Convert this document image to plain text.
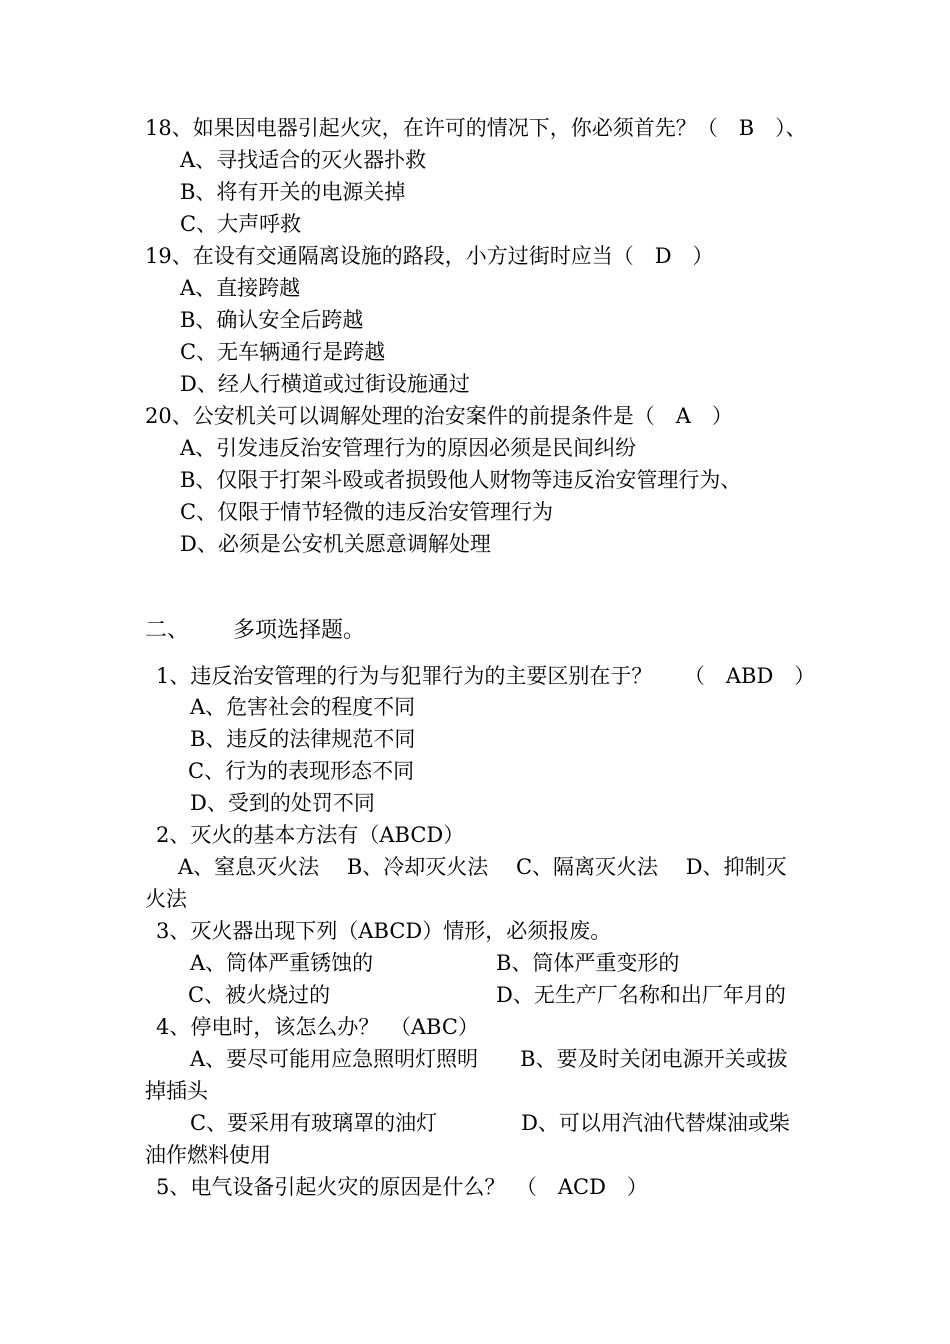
18、如果因电器引起火灾，在许可的情况下，你必须首先？（　B　）、
A、寻找适合的灭火器扑救
B、将有开关的电源关掉
C、大声呼救
19、在设有交通隔离设施的路段，小方过街时应当（　D　）
A、直接跨越
B、确认安全后跨越
C、无车辆通行是跨越
D、经人行横道或过街设施通过
20、公安机关可以调解处理的治安案件的前提条件是（　A　）
A、引发违反治安管理行为的原因必须是民间纠纷
B、仅限于打架斗殴或者损毁他人财物等违反治安管理行为、
C、仅限于情节轻微的违反治安管理行为
D、必须是公安机关愿意调解处理
二、 多项选择题。
1、违反治安管理的行为与犯罪行为的主要区别在于？　　（　ABD　）
A、危害社会的程度不同
B、违反的法律规范不同
C、行为的表现形态不同
D、受到的处罚不同
2、灭火的基本方法有（ABCD）
A、窒息灭火法　 B、冷却灭火法　 C、隔离灭火法　 D、抑制灭
火法
3、灭火器出现下列（ABCD）情形，必须报废。
A、筒体严重锈蚀的	B、筒体严重变形的
C、被火烧过的	D、无生产厂名称和出厂年月的
4、停电时，该怎么办？　（ABC）
A、要尽可能用应急照明灯照明　　B、要及时关闭电源开关或拔
掉插头
C、要采用有玻璃罩的油灯　　　　D、可以用汽油代替煤油或柴
油作燃料使用
5、电气设备引起火灾的原因是什么？　（　ACD　）
